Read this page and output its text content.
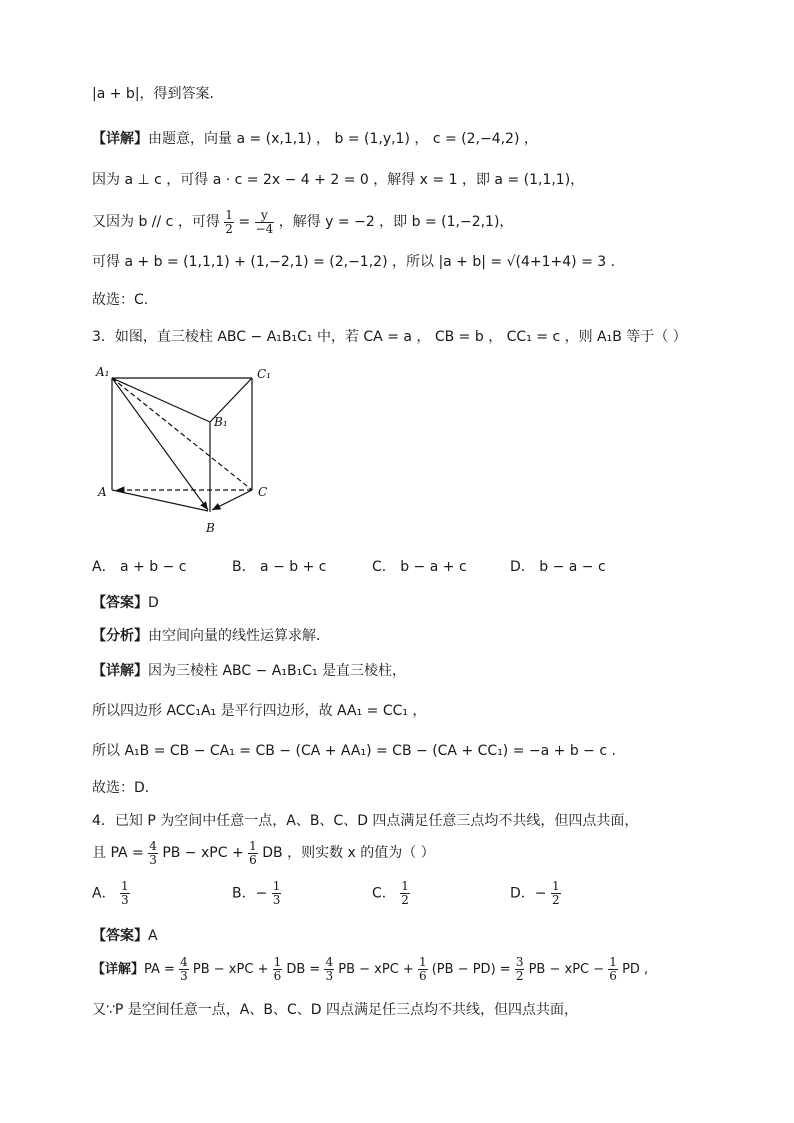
|a + b|，得到答案.
【详解】由题意，向量 a = (x,1,1) ， b = (1,y,1) ， c = (2,−4,2) ，
因为 a ⊥ c ，可得 a · c = 2x − 4 + 2 = 0 ，解得 x = 1 ，即 a = (1,1,1)，
又因为 b // c ，可得 $\frac{1}{2} = \frac{y}{-4}$ ，解得 y = −2 ，即 b = (1,−2,1)，
可得 a + b = (1,1,1) + (1,−2,1) = (2,−1,2) ，所以 |a + b| = √(4+1+4) = 3 .
故选：C.
3．如图，直三棱柱 ABC − A₁B₁C₁ 中，若 CA = a ， CB = b ， CC₁ = c ，则 A₁B 等于（ ）
A₁	C₁
B₁
A	C
B
A． a + b − c	B． a − b + c	C． b − a + c	D． b − a − c
【答案】D
【分析】由空间向量的线性运算求解．
【详解】因为三棱柱 ABC − A₁B₁C₁ 是直三棱柱，
所以四边形 ACC₁A₁ 是平行四边形，故 AA₁ = CC₁ ，
所以 A₁B = CB − CA₁ = CB − (CA + AA₁) = CB − (CA + CC₁) = −a + b − c .
故选：D．
4．已知 P 为空间中任意一点，A、B、C、D 四点满足任意三点均不共线，但四点共面，
且 PA = $\frac{4}{3}$ PB − xPC + $\frac{1}{6}$ DB ，则实数 x 的值为（ ）
A． $\frac{1}{3}$	B．− $\frac{1}{3}$	C． $\frac{1}{2}$	D．− $\frac{1}{2}$
【答案】A
【详解】PA = $\frac{4}{3}$ PB − xPC + $\frac{1}{6}$ DB = $\frac{4}{3}$ PB − xPC + $\frac{1}{6} (PB - PD) = \frac{3}{2}$ PB − xPC − $\frac{1}{6}$ PD ,
又∵P 是空间任意一点，A、B、C、D 四点满足任三点均不共线，但四点共面，
